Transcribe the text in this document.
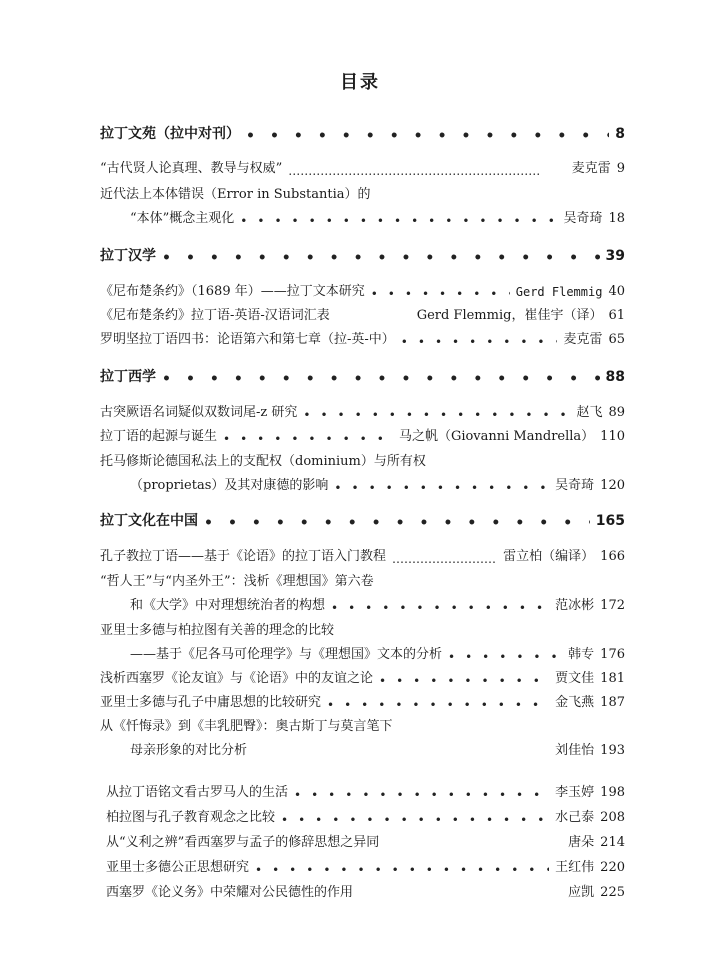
目录
拉丁文苑（拉中对刊） • • •	8
“古代贤人论真理、教导与权威” ………………………………………………………	麦克雷 9
近代法上本体错误（Error in Substantia）的
“本体”概念主观化 • • •	吴奇琦 18
拉丁汉学 • • •	39
《尼布楚条约》（1689 年）——拉丁文本研究 • • •	Gerd Flemmig 40
《尼布楚条约》拉丁语-英语-汉语词汇表	Gerd Flemmig，崔佳宇（译） 61
罗明坚拉丁语四书：论语第六和第七章（拉-英-中） • • •	麦克雷 65
拉丁西学 • • •	88
古突厥语名词疑似双数词尾-z 研究 • • •	赵飞 89
拉丁语的起源与诞生 • • •	马之帆（Giovanni Mandrella） 110
托马修斯论德国私法上的支配权（dominium）与所有权
（proprietas）及其对康德的影响 • • •	吴奇琦 120
拉丁文化在中国 • • •	165
孔子教拉丁语——基于《论语》的拉丁语入门教程 ………………………………………………………	雷立柏（编译） 166
“哲人王”与“内圣外王”：浅析《理想国》第六卷
和《大学》中对理想统治者的构想 • • •	范冰彬 172
亚里士多德与柏拉图有关善的理念的比较
——基于《尼各马可伦理学》与《理想国》文本的分析 • • •	韩专 176
浅析西塞罗《论友谊》与《论语》中的友谊之论 • • •	贾文佳 181
亚里士多德与孔子中庸思想的比较研究 • • •	金飞燕 187
从《忏悔录》到《丰乳肥臀》：奥古斯丁与莫言笔下
母亲形象的对比分析	刘佳怡 193
从拉丁语铭文看古罗马人的生活 • • •	李玉婷 198
柏拉图与孔子教育观念之比较 • • •	水己泰 208
从“义利之辨”看西塞罗与孟子的修辞思想之异同	唐朵 214
亚里士多德公正思想研究 • • •	王红伟 220
西塞罗《论义务》中荣耀对公民德性的作用	应凯 225
